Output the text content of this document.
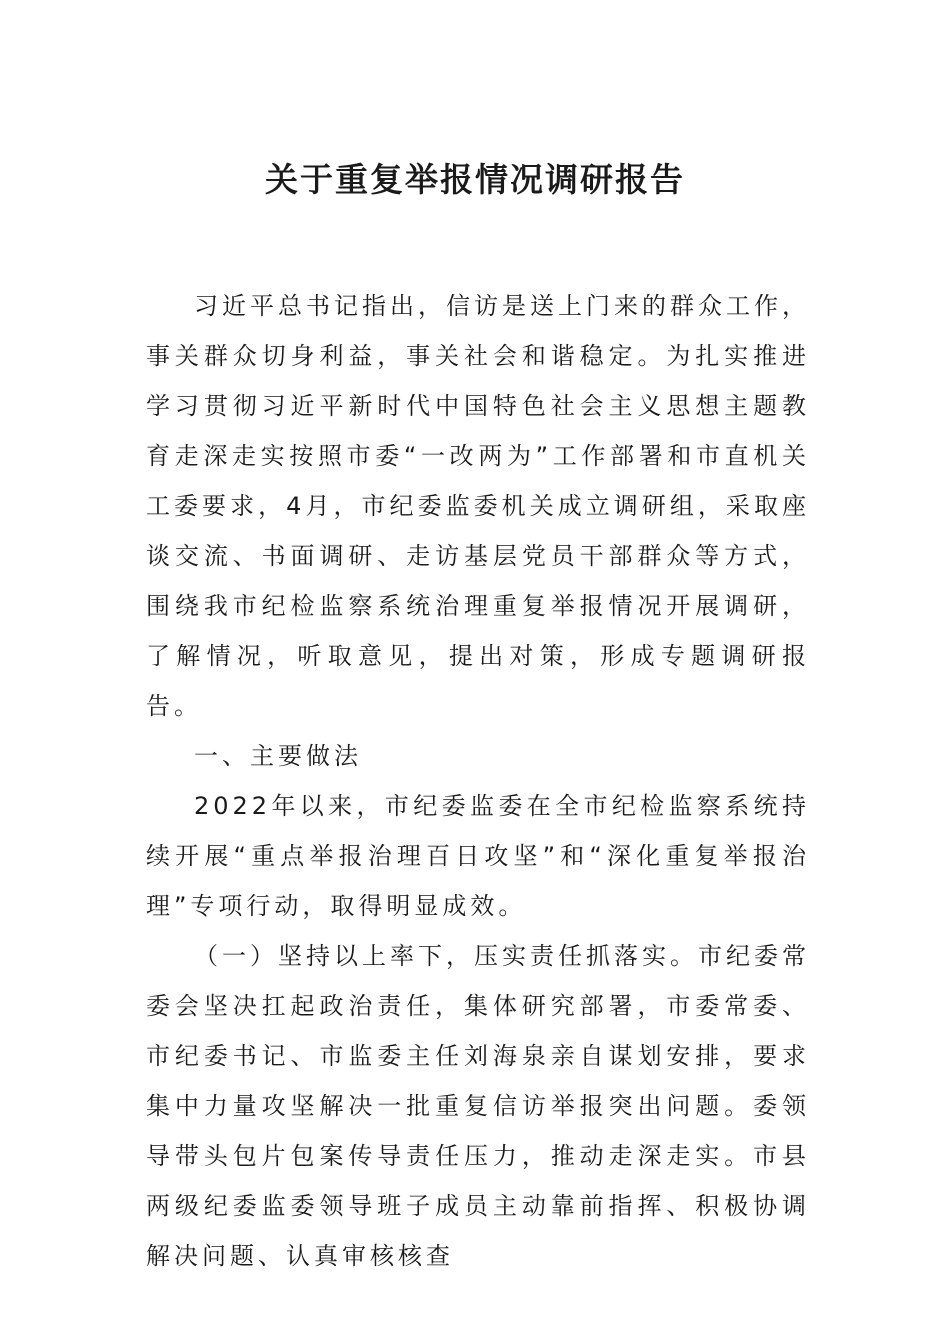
关于重复举报情况调研报告

习近平总书记指出，信访是送上门来的群众工作，事关群众切身利益，事关社会和谐稳定。为扎实推进学习贯彻习近平新时代中国特色社会主义思想主题教育走深走实按照市委“一改两为”工作部署和市直机关工委要求，4月，市纪委监委机关成立调研组，采取座谈交流、书面调研、走访基层党员干部群众等方式，围绕我市纪检监察系统治理重复举报情况开展调研，了解情况，听取意见，提出对策，形成专题调研报告。

一、主要做法

2022年以来，市纪委监委在全市纪检监察系统持续开展“重点举报治理百日攻坚”和“深化重复举报治理”专项行动，取得明显成效。

（一）坚持以上率下，压实责任抓落实。市纪委常委会坚决扛起政治责任，集体研究部署，市委常委、市纪委书记、市监委主任刘海泉亲自谋划安排，要求集中力量攻坚解决一批重复信访举报突出问题。委领导带头包片包案传导责任压力，推动走深走实。市县两级纪委监委领导班子成员主动靠前指挥、积极协调解决问题、认真审核核查
